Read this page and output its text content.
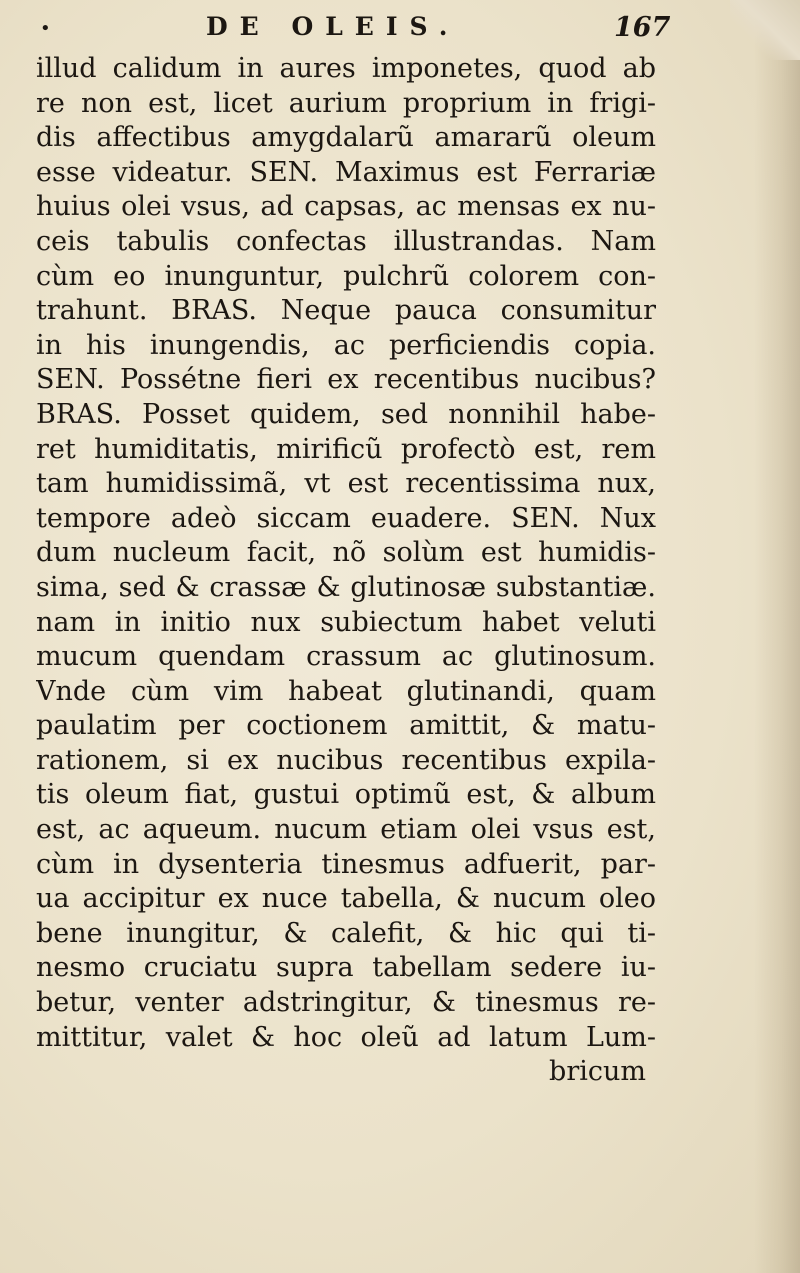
•	DE OLEIS.	167
illud calidum in aures imponetes, quod ab
re non est, licet aurium proprium in frigi-
dis affectibus amygdalarũ amararũ oleum
esse videatur. SEN. Maximus est Ferrariæ
huius olei vsus, ad capsas, ac mensas ex nu-
ceis tabulis confectas illustrandas. Nam
cùm eo inunguntur, pulchrũ colorem con-
trahunt. BRAS. Neque pauca consumitur
in his inungendis, ac perficiendis copia.
SEN. Possétne fieri ex recentibus nucibus?
BRAS. Posset quidem, sed nonnihil habe-
ret humiditatis, mirificũ profectò est, rem
tam humidissimã, vt est recentissima nux,
tempore adeò siccam euadere. SEN. Nux
dum nucleum facit, nõ solùm est humidis-
sima, sed & crassæ & glutinosæ substantiæ.
nam in initio nux subiectum habet veluti
mucum quendam crassum ac glutinosum.
Vnde cùm vim habeat glutinandi, quam
paulatim per coctionem amittit, & matu-
rationem, si ex nucibus recentibus expila-
tis oleum fiat, gustui optimũ est, & album
est, ac aqueum. nucum etiam olei vsus est,
cùm in dysenteria tinesmus adfuerit, par-
ua accipitur ex nuce tabella, & nucum oleo
bene inungitur, & calefit, & hic qui ti-
nesmo cruciatu supra tabellam sedere iu-
betur, venter adstringitur, & tinesmus re-
mittitur, valet & hoc oleũ ad latum Lum-
bricum
